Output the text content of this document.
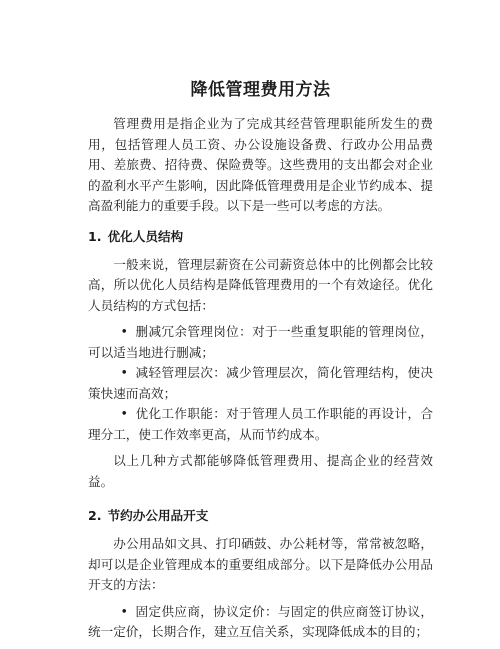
降低管理费用方法

管理费用是指企业为了完成其经营管理职能所发生的费用，包括管理人员工资、办公设施设备费、行政办公用品费用、差旅费、招待费、保险费等。这些费用的支出都会对企业的盈利水平产生影响，因此降低管理费用是企业节约成本、提高盈利能力的重要手段。以下是一些可以考虑的方法。

1. 优化人员结构

一般来说，管理层薪资在公司薪资总体中的比例都会比较高，所以优化人员结构是降低管理费用的一个有效途径。优化人员结构的方式包括：

• 删减冗余管理岗位：对于一些重复职能的管理岗位，可以适当地进行删减；
• 减轻管理层次：减少管理层次，简化管理结构，使决策快速而高效；
• 优化工作职能：对于管理人员工作职能的再设计，合理分工，使工作效率更高，从而节约成本。

以上几种方式都能够降低管理费用、提高企业的经营效益。

2. 节约办公用品开支

办公用品如文具、打印硒鼓、办公耗材等，常常被忽略，却可以是企业管理成本的重要组成部分。以下是降低办公用品开支的方法：

• 固定供应商，协议定价：与固定的供应商签订协议，统一定价，长期合作，建立互信关系，实现降低成本的目的；
